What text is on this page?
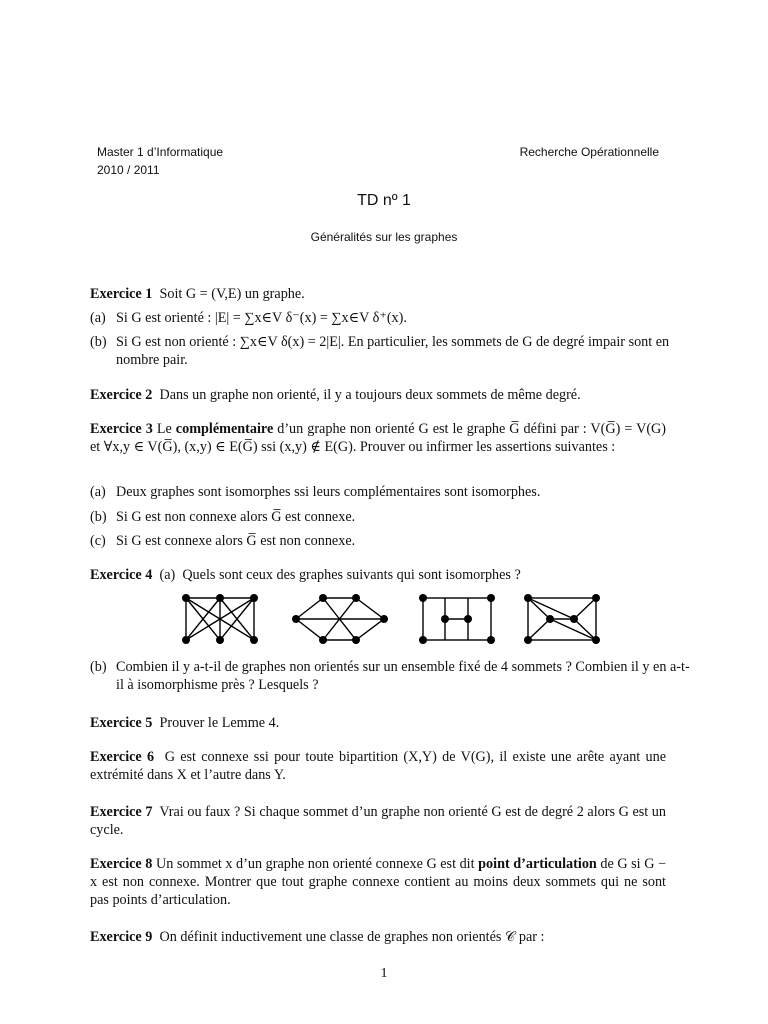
Master 1 d’Informatique
2010 / 2011
Recherche Opérationnelle
TD nº 1
Généralités sur les graphes
Exercice 1 Soit G = (V,E) un graphe.
(a) Si G est orienté : |E| = ∑x∈V δ⁻(x) = ∑x∈V δ⁺(x).
(b) Si G est non orienté : ∑x∈V δ(x) = 2|E|. En particulier, les sommets de G de degré impair sont en nombre pair.
Exercice 2 Dans un graphe non orienté, il y a toujours deux sommets de même degré.
Exercice 3 Le complémentaire d’un graphe non orienté G est le graphe G̅ défini par : V(G̅) = V(G) et ∀x,y ∈ V(G̅), (x,y) ∈ E(G̅) ssi (x,y) ∉ E(G). Prouver ou infirmer les assertions suivantes :
(a) Deux graphes sont isomorphes ssi leurs complémentaires sont isomorphes.
(b) Si G est non connexe alors G̅ est connexe.
(c) Si G est connexe alors G̅ est non connexe.
Exercice 4 (a) Quels sont ceux des graphes suivants qui sont isomorphes ?
(b) Combien il y a-t-il de graphes non orientés sur un ensemble fixé de 4 sommets ? Combien il y en a-t-il à isomorphisme près ? Lesquels ?
Exercice 5 Prouver le Lemme 4.
Exercice 6 G est connexe ssi pour toute bipartition (X,Y) de V(G), il existe une arête ayant une extrémité dans X et l’autre dans Y.
Exercice 7 Vrai ou faux ? Si chaque sommet d’un graphe non orienté G est de degré 2 alors G est un cycle.
Exercice 8 Un sommet x d’un graphe non orienté connexe G est dit point d’articulation de G si G − x est non connexe. Montrer que tout graphe connexe contient au moins deux sommets qui ne sont pas points d’articulation.
Exercice 9 On définit inductivement une classe de graphes non orientés 𝒞 par :
1
